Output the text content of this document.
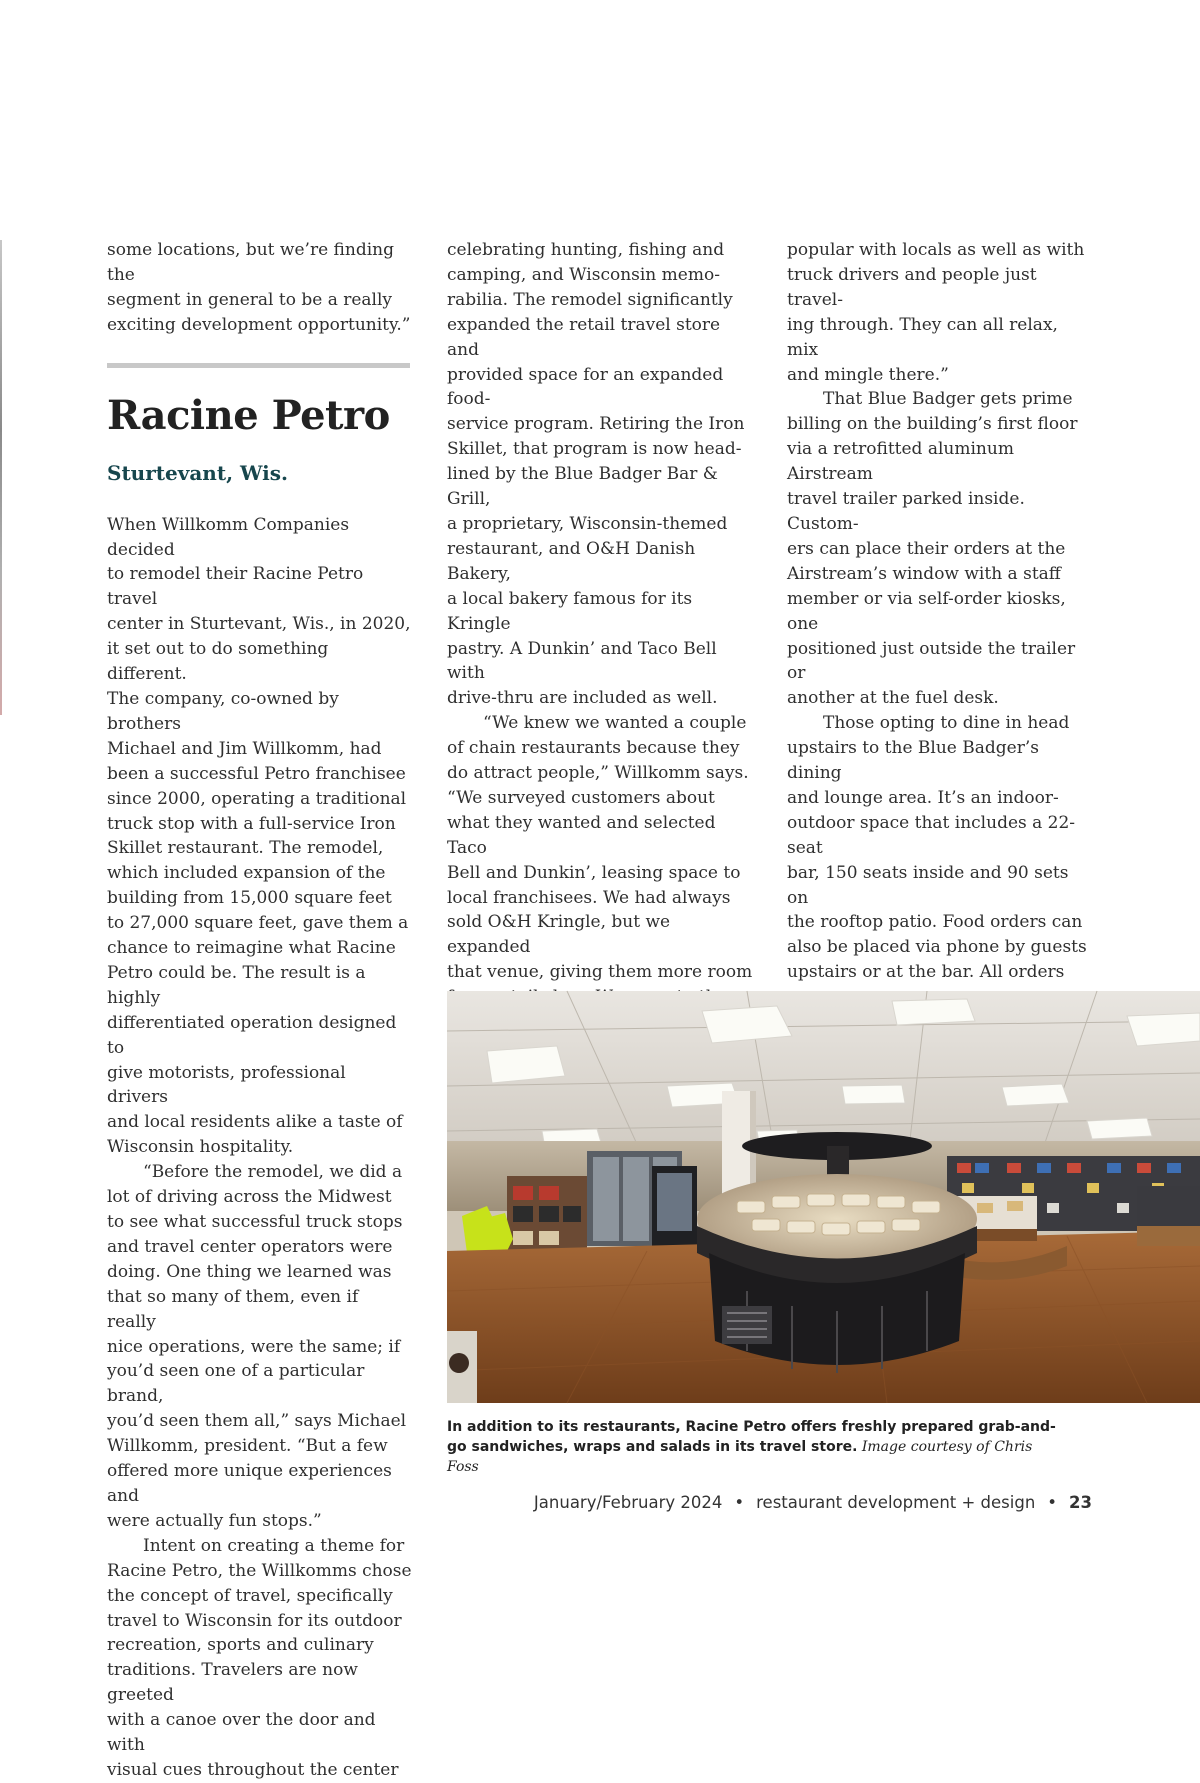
some locations, but we’re finding the
segment in general to be a really
exciting development opportunity.”

Racine Petro
Sturtevant, Wis.

When Willkomm Companies decided
to remodel their Racine Petro travel
center in Sturtevant, Wis., in 2020,
it set out to do something different.
The company, co-owned by brothers
Michael and Jim Willkomm, had
been a successful Petro franchisee
since 2000, operating a traditional
truck stop with a full-service Iron
Skillet restaurant. The remodel,
which included expansion of the
building from 15,000 square feet
to 27,000 square feet, gave them a
chance to reimagine what Racine
Petro could be. The result is a highly
differentiated operation designed to
give motorists, professional drivers
and local residents alike a taste of
Wisconsin hospitality.

“Before the remodel, we did a
lot of driving across the Midwest
to see what successful truck stops
and travel center operators were
doing. One thing we learned was
that so many of them, even if really
nice operations, were the same; if
you’d seen one of a particular brand,
you’d seen them all,” says Michael
Willkomm, president. “But a few
offered more unique experiences and
were actually fun stops.”

Intent on creating a theme for
Racine Petro, the Willkomms chose
the concept of travel, specifically
travel to Wisconsin for its outdoor
recreation, sports and culinary
traditions. Travelers are now greeted
with a canoe over the door and with
visual cues throughout the center

celebrating hunting, fishing and
camping, and Wisconsin memo-
rabilia. The remodel significantly
expanded the retail travel store and
provided space for an expanded food-
service program. Retiring the Iron
Skillet, that program is now head-
lined by the Blue Badger Bar & Grill,
a proprietary, Wisconsin-themed
restaurant, and O&H Danish Bakery,
a local bakery famous for its Kringle
pastry. A Dunkin’ and Taco Bell with
drive-thru are included as well.

“We knew we wanted a couple
of chain restaurants because they
do attract people,” Willkomm says.
“We surveyed customers about
what they wanted and selected Taco
Bell and Dunkin’, leasing space to
local franchisees. We had always
sold O&H Kringle, but we expanded
that venue, giving them more room

popular with locals as well as with
truck drivers and people just travel-
ing through. They can all relax, mix
and mingle there.”

That Blue Badger gets prime
billing on the building’s first floor
via a retrofitted aluminum Airstream
travel trailer parked inside. Custom-
ers can place their orders at the
Airstream’s window with a staff
member or via self-order kiosks, one
positioned just outside the trailer or
another at the fuel desk.

Those opting to dine in head
upstairs to the Blue Badger’s dining
and lounge area. It’s an indoor-
outdoor space that includes a 22-seat
bar, 150 seats inside and 90 sets on
the rooftop patio. Food orders can
also be placed via phone by guests
upstairs or at the bar. All orders

In addition to its restaurants, Racine Petro offers freshly prepared grab-and-go sandwiches, wraps and salads in its travel store. Image courtesy of Chris Foss
January/February 2024 • restaurant development + design • 23
